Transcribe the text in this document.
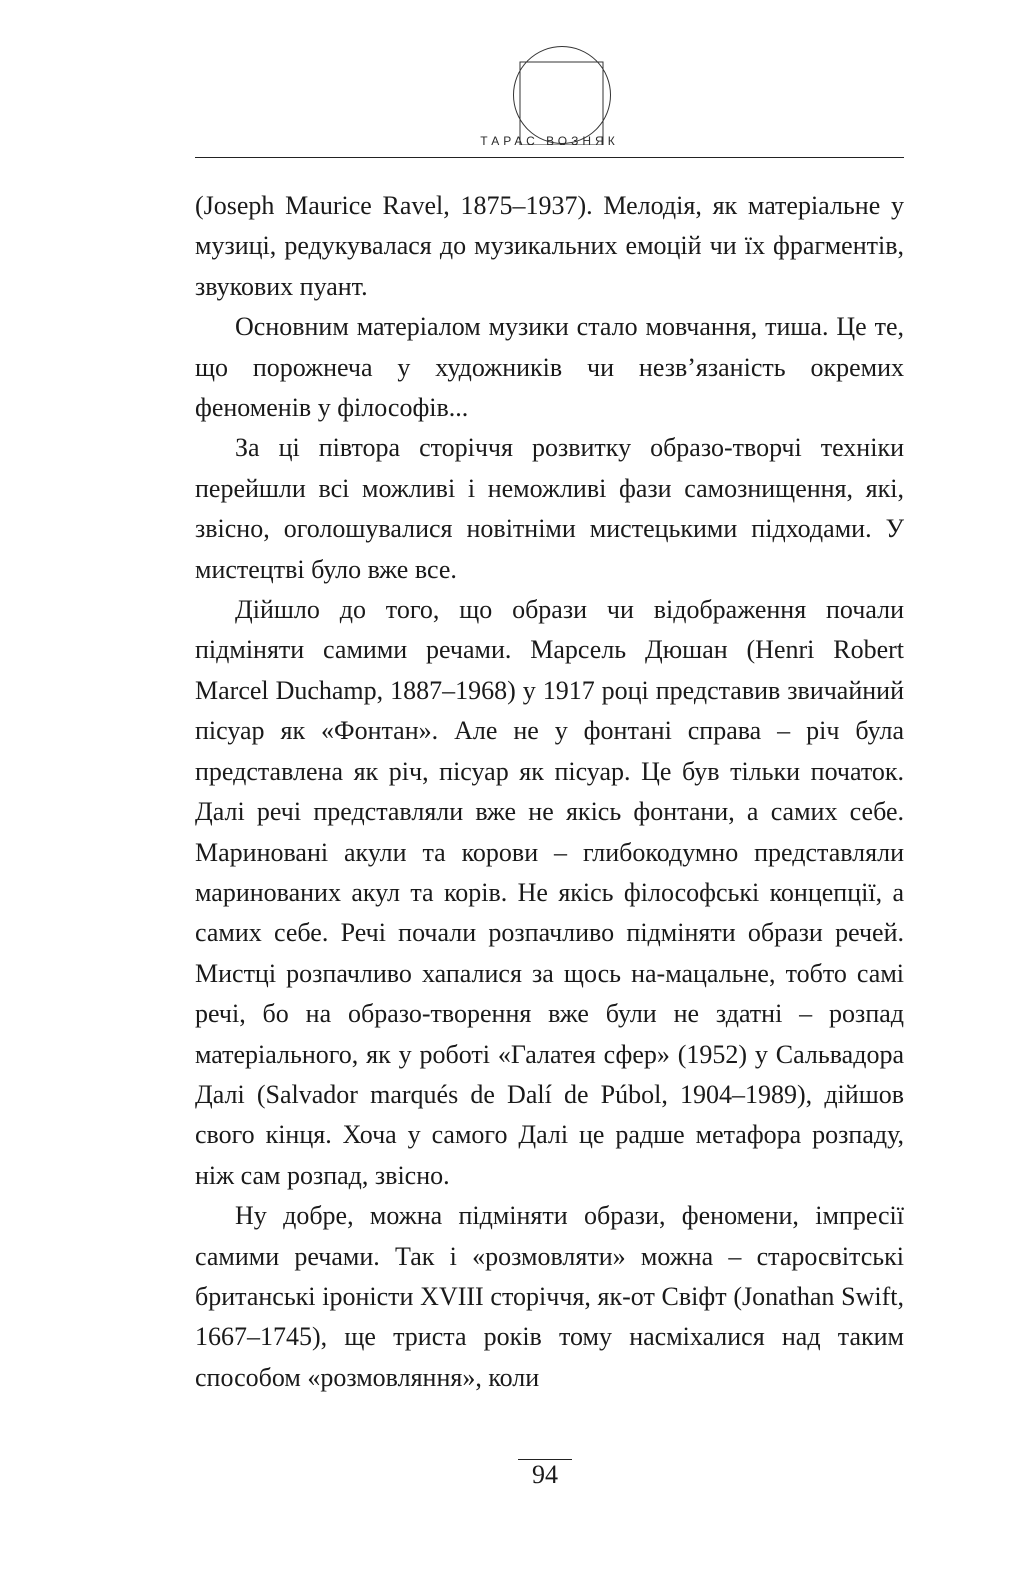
ТАРАС ВОЗНЯК

(Joseph Maurice Ravel, 1875–1937). Мелодія, як матеріальне у музиці, редукувалася до музикальних емоцій чи їх фрагментів, звукових пуант.

Основним матеріалом музики стало мовчання, тиша. Це те, що порожнеча у художників чи незв’язаність окремих феноменів у філософів...

За ці півтора сторіччя розвитку образо-творчі техніки перейшли всі можливі і неможливі фази самознищення, які, звісно, оголошувалися новітніми мистецькими підходами. У мистецтві було вже все.

Дійшло до того, що образи чи відображення почали підміняти самими речами. Марсель Дюшан (Henri Robert Marcel Duchamp, 1887–1968) у 1917 році представив звичайний пісуар як «Фонтан». Але не у фонтані справа – річ була представлена як річ, пісуар як пісуар. Це був тільки початок. Далі речі представляли вже не якісь фонтани, а самих себе. Мариновані акули та корови – глибокодумно представляли маринованих акул та корів. Не якісь філософські концепції, а самих себе. Речі почали розпачливо підміняти образи речей. Мистці розпачливо хапалися за щось на-мацальне, тобто самі речі, бо на образо-творення вже були не здатні – розпад матеріального, як у роботі «Галатея сфер» (1952) у Сальвадора Далі (Salvador marqués de Dalí de Púbol, 1904–1989), дійшов свого кінця. Хоча у самого Далі це радше метафора розпаду, ніж сам розпад, звісно.

Ну добре, можна підміняти образи, феномени, імпресії самими речами. Так і «розмовляти» можна – старосвітські британські іроністи XVIII сторіччя, як-от Свіфт (Jonathan Swift, 1667–1745), ще триста років тому насміхалися над таким способом «розмовляння», коли

94
